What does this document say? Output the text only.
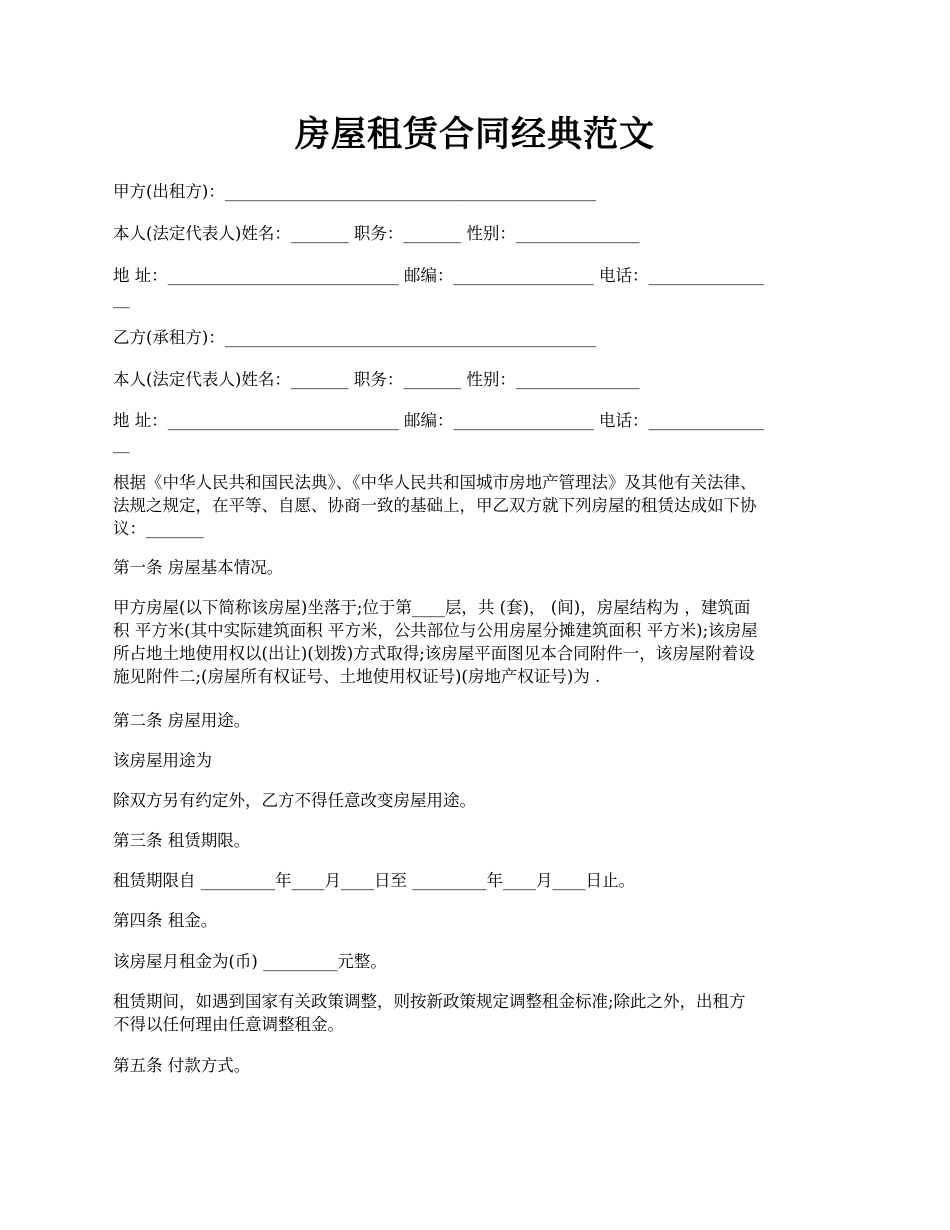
房屋租赁合同经典范文
甲方(出租方)：_____________________________________________
本人(法定代表人)姓名：_______ 职务：_______ 性别：_______________
地 址：____________________________ 邮编：_________________ 电话：______________
__
乙方(承租方)：_____________________________________________
本人(法定代表人)姓名：_______ 职务：_______ 性别：_______________
地 址：____________________________ 邮编：_________________ 电话：______________
__
根据《中华人民共和国民法典》、《中华人民共和国城市房地产管理法》及其他有关法律、
法规之规定，在平等、自愿、协商一致的基础上，甲乙双方就下列房屋的租赁达成如下协
议：_______
第一条 房屋基本情况。
甲方房屋(以下简称该房屋)坐落于;位于第____层，共 (套)， (间)，房屋结构为 ，建筑面
积 平方米(其中实际建筑面积 平方米，公共部位与公用房屋分摊建筑面积 平方米);该房屋
所占地土地使用权以(出让)(划拨)方式取得;该房屋平面图见本合同附件一，该房屋附着设
施见附件二;(房屋所有权证号、土地使用权证号)(房地产权证号)为 .
第二条 房屋用途。
该房屋用途为
除双方另有约定外，乙方不得任意改变房屋用途。
第三条 租赁期限。
租赁期限自 _________年____月____日至 _________年____月____日止。
第四条 租金。
该房屋月租金为(币) _________元整。
租赁期间，如遇到国家有关政策调整，则按新政策规定调整租金标准;除此之外，出租方
不得以任何理由任意调整租金。
第五条 付款方式。
